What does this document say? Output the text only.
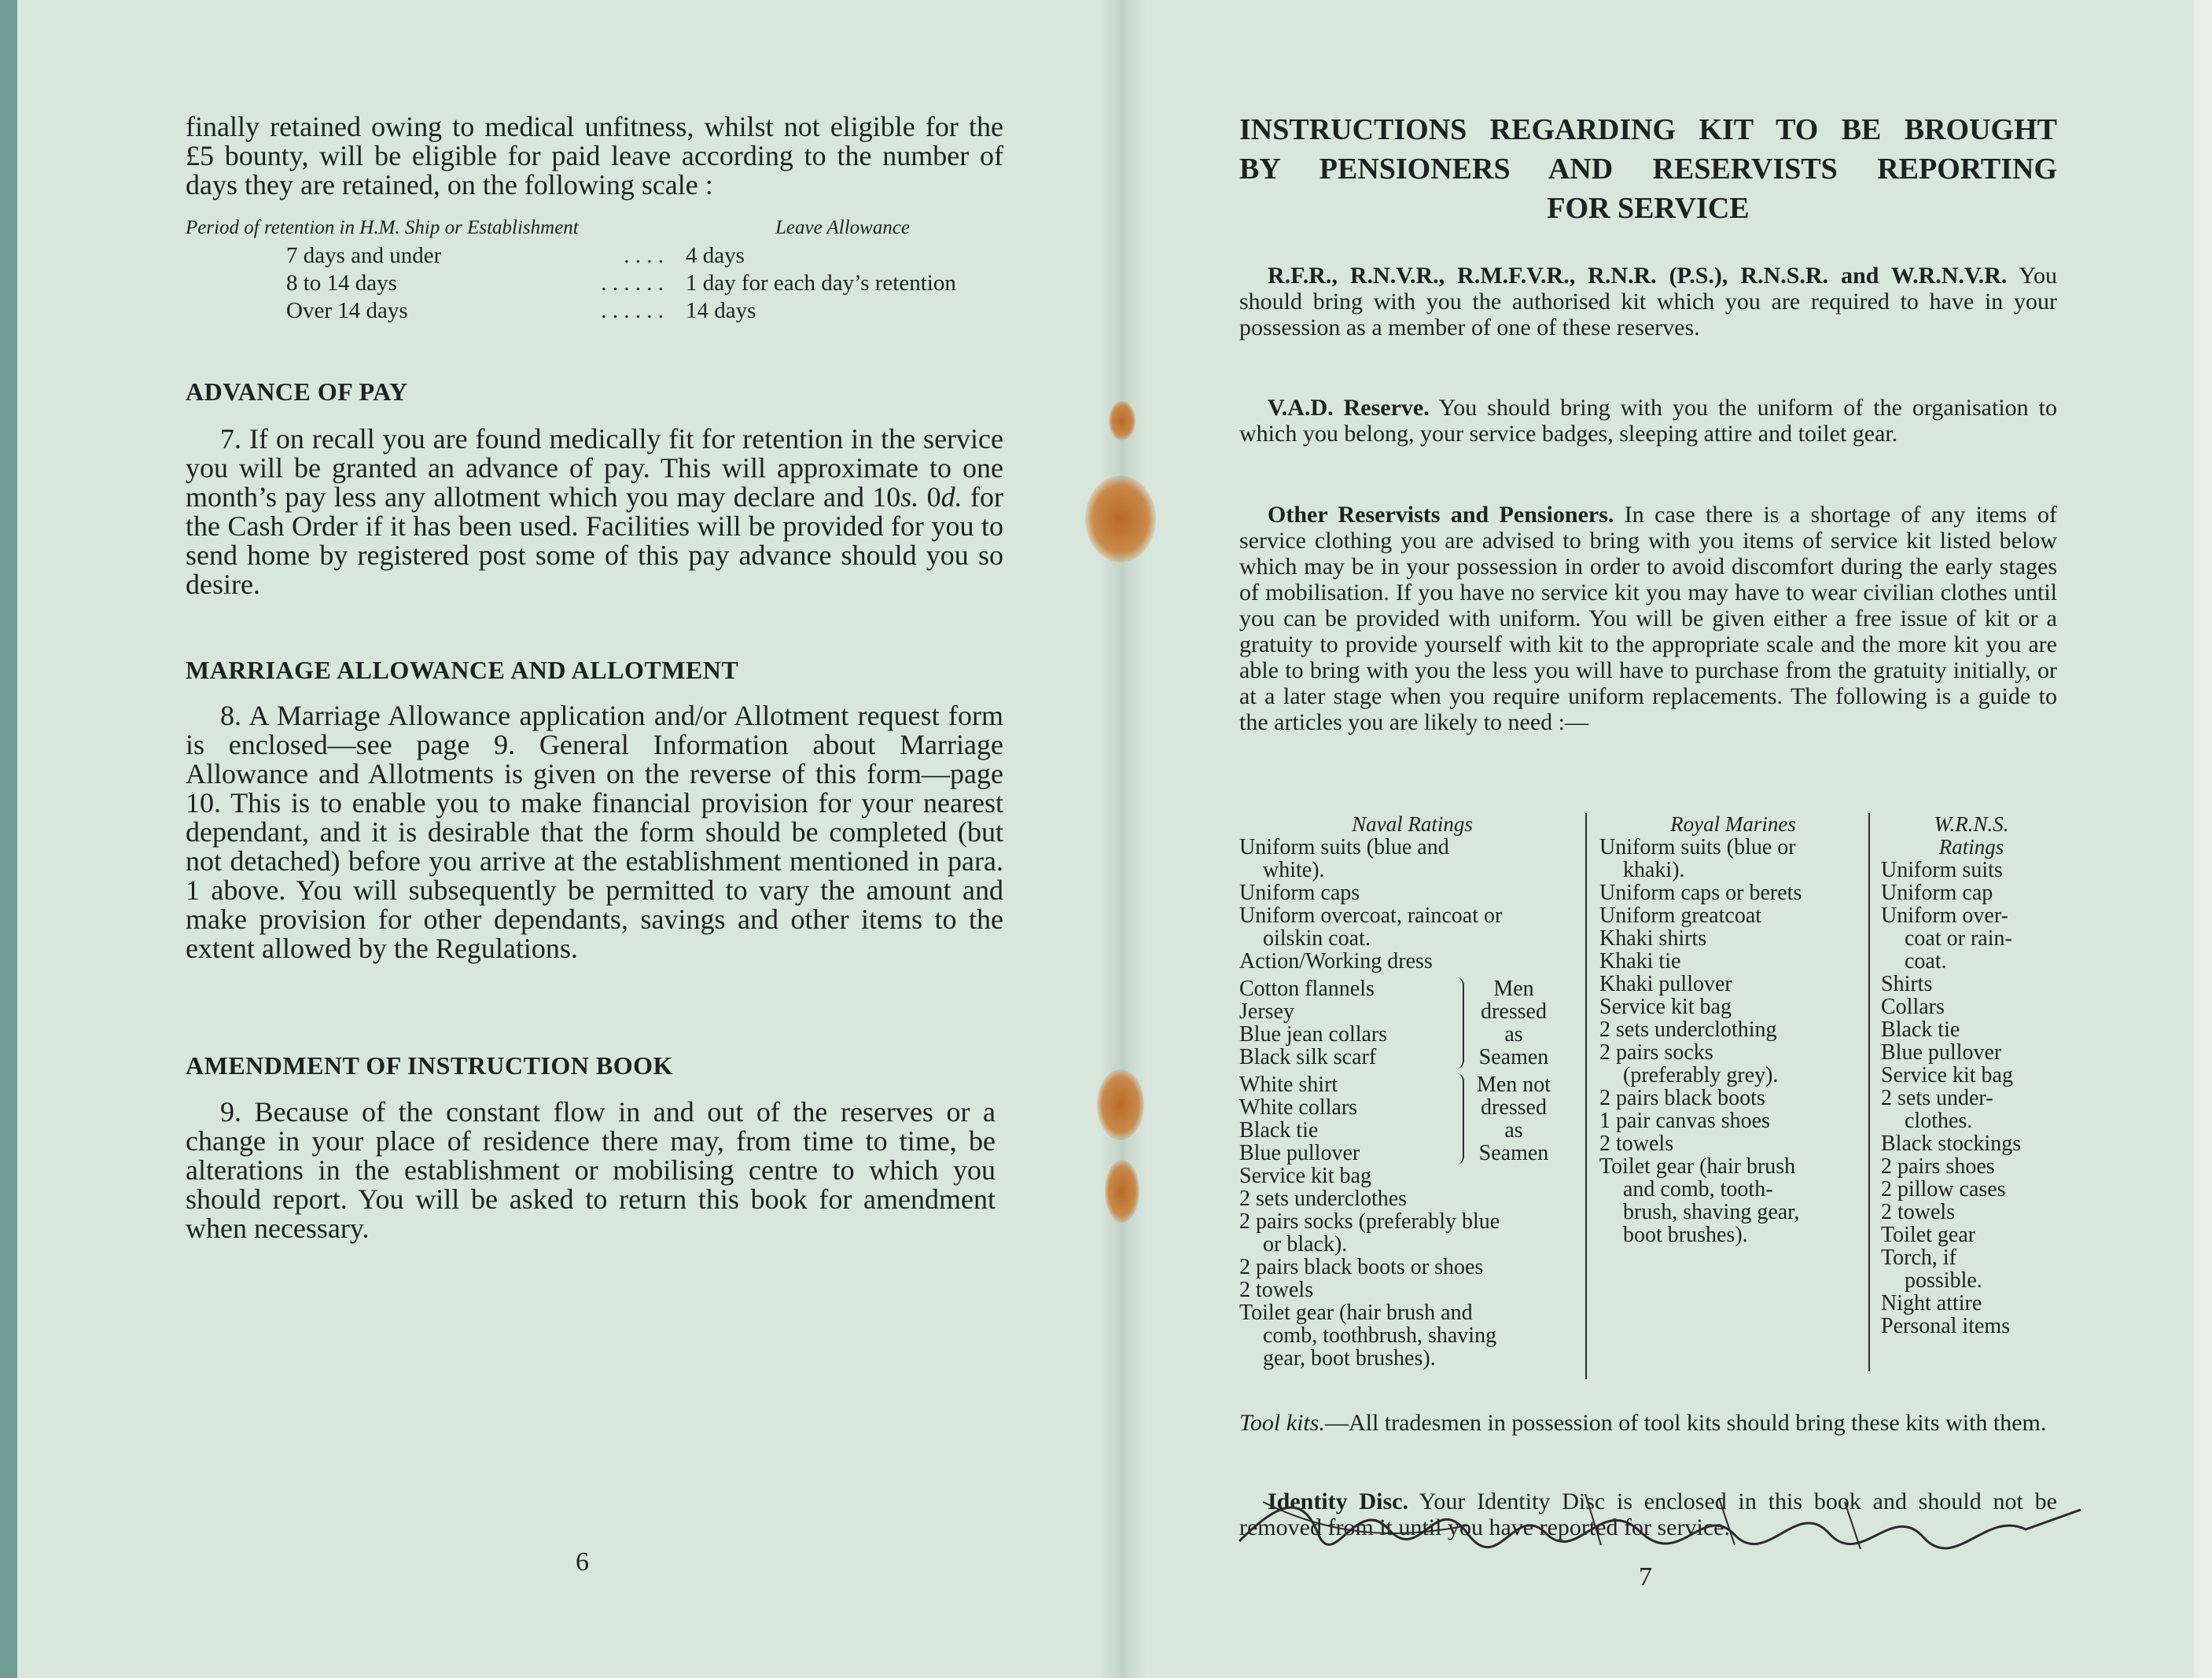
finally retained owing to medical unfitness, whilst not eligible for the £5 bounty, will be eligible for paid leave according to the number of days they are retained, on the following scale :

Period of retention in H.M. Ship or Establishment	Leave Allowance
7 days and under	. . . .	4 days
8 to 14 days	. . . . . .	1 day for each day’s retention
Over 14 days	. . . . . .	14 days
ADVANCE OF PAY

7. If on recall you are found medically fit for retention in the service you will be granted an advance of pay. This will approximate to one month’s pay less any allotment which you may declare and 10s. 0d. for the Cash Order if it has been used. Facilities will be provided for you to send home by registered post some of this pay advance should you so desire.

MARRIAGE ALLOWANCE AND ALLOTMENT

8. A Marriage Allowance application and/or Allotment request form is enclosed—see page 9. General Information about Marriage Allowance and Allotments is given on the reverse of this form—page 10. This is to enable you to make financial provision for your nearest dependant, and it is desirable that the form should be completed (but not detached) before you arrive at the establishment mentioned in para. 1 above. You will subsequently be permitted to vary the amount and make provision for other dependants, savings and other items to the extent allowed by the Regulations.

AMENDMENT OF INSTRUCTION BOOK

9. Because of the constant flow in and out of the reserves or a change in your place of residence there may, from time to time, be alterations in the establishment or mobilising centre to which you should report. You will be asked to return this book for amendment when necessary.

6

INSTRUCTIONS REGARDING KIT TO BE BROUGHT

BY PENSIONERS AND RESERVISTS REPORTING

FOR SERVICE

R.F.R., R.N.V.R., R.M.F.V.R., R.N.R. (P.S.), R.N.S.R. and W.R.N.V.R. You should bring with you the authorised kit which you are required to have in your possession as a member of one of these reserves.

V.A.D. Reserve. You should bring with you the uniform of the organisation to which you belong, your service badges, sleeping attire and toilet gear.

Other Reservists and Pensioners. In case there is a shortage of any items of service clothing you are advised to bring with you items of service kit listed below which may be in your possession in order to avoid discomfort during the early stages of mobilisation. If you have no service kit you may have to wear civilian clothes until you can be provided with uniform. You will be given either a free issue of kit or a gratuity to provide yourself with kit to the appropriate scale and the more kit you are able to bring with you the less you will have to purchase from the gratuity initially, or at a later stage when you require uniform replacements. The following is a guide to the articles you are likely to need :—

Naval Ratings
Uniform suits (blue and
white).
Uniform caps
Uniform overcoat, raincoat or
oilskin coat.
Action/Working dress
Cotton flannels
Jersey
Blue jean collars
Black silk scarf
Men
dressed
as
Seamen
White shirt
White collars
Black tie
Blue pullover
Men not
dressed
as
Seamen
Service kit bag
2 sets underclothes
2 pairs socks (preferably blue
or black).
2 pairs black boots or shoes
2 towels
Toilet gear (hair brush and
comb, toothbrush, shaving
gear, boot brushes).
Royal Marines
Uniform suits (blue or
khaki).
Uniform caps or berets
Uniform greatcoat
Khaki shirts
Khaki tie
Khaki pullover
Service kit bag
2 sets underclothing
2 pairs socks
(preferably grey).
2 pairs black boots
1 pair canvas shoes
2 towels
Toilet gear (hair brush
and comb, tooth-
brush, shaving gear,
boot brushes).
W.R.N.S.
Ratings
Uniform suits
Uniform cap
Uniform over-
coat or rain-
coat.
Shirts
Collars
Black tie
Blue pullover
Service kit bag
2 sets under-
clothes.
Black stockings
2 pairs shoes
2 pillow cases
2 towels
Toilet gear
Torch, if
possible.
Night attire
Personal items

Tool kits.—All tradesmen in possession of tool kits should bring these kits with them.

Identity Disc. Your Identity Disc is enclosed in this book and should not be removed from it until you have reported for service.

7
